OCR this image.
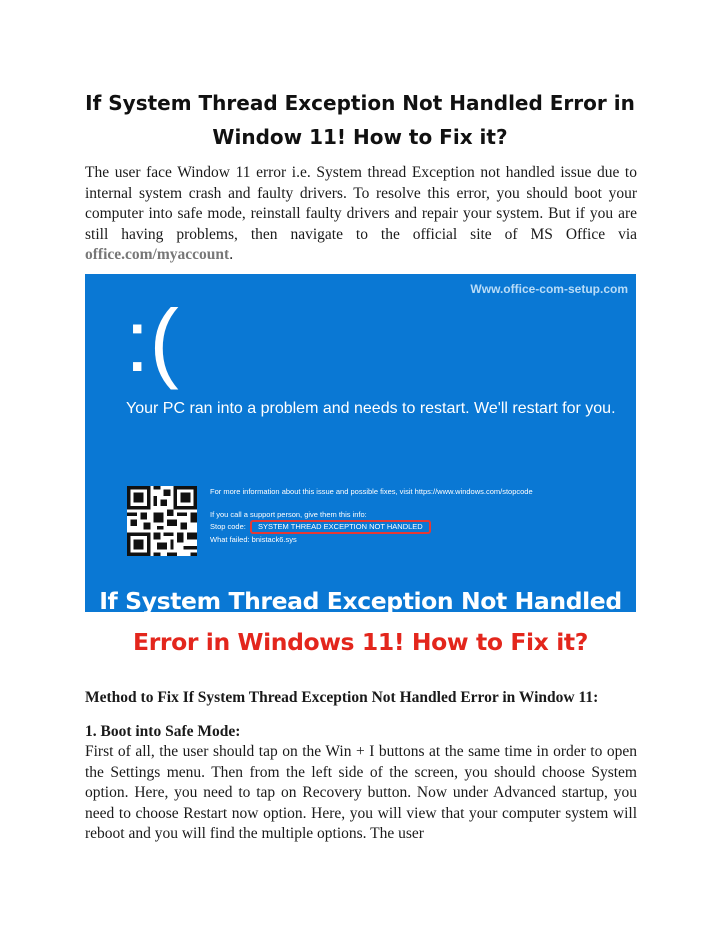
If System Thread Exception Not Handled Error in
Window 11! How to Fix it?

The user face Window 11 error i.e. System thread Exception not handled issue due to internal system crash and faulty drivers. To resolve this error, you should boot your computer into safe mode, reinstall faulty drivers and repair your system. But if you are still having problems, then navigate to the official site of MS Office via office.com/myaccount.

Www.office-com-setup.com
:(
Your PC ran into a problem and needs to restart. We'll restart for you.
For more information about this issue and possible fixes, visit https://www.windows.com/stopcode
If you call a support person, give them this info:
Stop code: SYSTEM THREAD EXCEPTION NOT HANDLED
What failed: bnistack6.sys
If System Thread Exception Not Handled
Error in Windows 11! How to Fix it?
Method to Fix If System Thread Exception Not Handled Error in Window 11:
1. Boot into Safe Mode:

First of all, the user should tap on the Win + I buttons at the same time in order to open the Settings menu. Then from the left side of the screen, you should choose System option. Here, you need to tap on Recovery button. Now under Advanced startup, you need to choose Restart now option. Here, you will view that your computer system will reboot and you will find the multiple options. The user
